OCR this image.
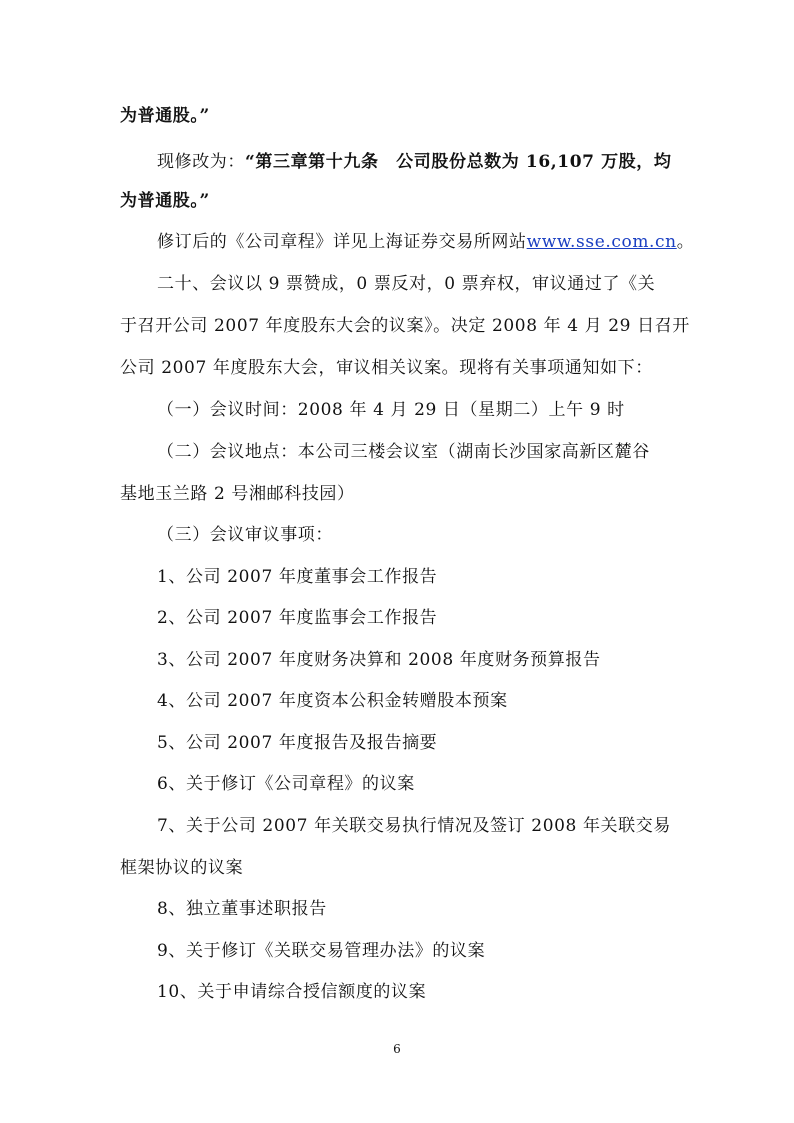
为普通股。”
现修改为：“第三章第十九条　公司股份总数为 16,107 万股，均
为普通股。”
修订后的《公司章程》详见上海证券交易所网站www.sse.com.cn。
二十、会议以 9 票赞成，0 票反对，0 票弃权，审议通过了《关
于召开公司 2007 年度股东大会的议案》。决定 2008 年 4 月 29 日召开
公司 2007 年度股东大会，审议相关议案。现将有关事项通知如下：
（一）会议时间：2008 年 4 月 29 日（星期二）上午 9 时
（二）会议地点：本公司三楼会议室（湖南长沙国家高新区麓谷
基地玉兰路 2 号湘邮科技园）
（三）会议审议事项：
1、公司 2007 年度董事会工作报告
2、公司 2007 年度监事会工作报告
3、公司 2007 年度财务决算和 2008 年度财务预算报告
4、公司 2007 年度资本公积金转赠股本预案
5、公司 2007 年度报告及报告摘要
6、关于修订《公司章程》的议案
7、关于公司 2007 年关联交易执行情况及签订 2008 年关联交易
框架协议的议案
8、独立董事述职报告
9、关于修订《关联交易管理办法》的议案
10、关于申请综合授信额度的议案
6
